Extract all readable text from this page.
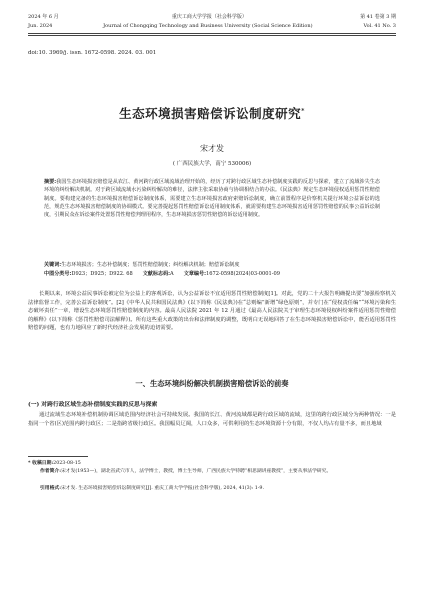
2024 年 6 月	重庆工商大学学报（社会科学版）	第 41 卷第 3 期
Jun. 2024	Journal of Chongqing Technology and Business University (Social Science Edition)	Vol. 41 No. 3
doi:10. 3969/j. issn. 1672-0598. 2024. 03. 001
生态环境损害赔偿诉讼制度研究*
宋才发
( 广西民族大学，南宁 530006)
摘要:我国生态环境损害赔偿是从农江、黄河跨行政区域流域治理开始的，经历了对跨行政区域生态补偿制度实践的反思与探索，建立了流域涉失生态环境的纠纷解决机制。对于跨区域流域水污染纠纷解决的难径，法律主张采取协商与协调相结合的办法。《民法典》规定生态环境侵权适用惩罚性赔偿制度。要构建完备的生态环境损害赔偿诉讼制度体系，需要建立生态环境损害政府索赔诉讼制度，确立前置程序是价察机关提行环境公益诉讼的选范，规范生态环境损害赔偿制度的协调模式。要完善提起惩罚性赔偿诉讼适用制度体系，就需要构建生态环境损害适用惩罚性赔偿的民事公益诉讼制度，引期民众在诉讼案件处置惩罚性赔偿判理用程序，生态环境损害惩罚性赔偿的诉讼适用制度。
关键词:生态环境损害；生态补偿制度；惩罚性赔偿制度；纠纷解决机制；赔偿诉讼制度
中图分类号:D923；D925；D922. 68 文献标志码:A 文章编号:1672-0598(2024)03-0001-09
长期以来，环境公益民事诉讼被定位为公益上的客观诉讼，认为公益诉讼不宜适用惩罚性赔偿制度[1]。对此，党的二十大报告明确提出要“加强检察机关法律监督工作，完善公益诉讼制度”。[2]《中华人民共和国民法典》(以下简称《民法典》)在“总则编”新增“绿色原则”，并专门在“侵权责任编”“环境污染和生态破坏责任”一章，增设生态环境惩罚性赔偿制度的内容。最高人民法院 2021 年 12 月通过《最高人民法院关于审理生态环境侵权纠纷案件适用惩罚性赔偿的解释》(以下简称《惩罚性赔偿司法解释》)。所有这些重大政策的出台和法律制度的调整，既明白无误地回答了在生态环境损害赔偿诉讼中，能否适用惩罚性赔偿的问题，也有力地回应了新时代经济社会发展的迫切需要。
一、生态环境纠纷解决机制损害赔偿诉讼的前奏
(一) 对跨行政区域生态补偿制度实践的反思与探索
通过流域生态环境补偿机制协调区域范围内经济社会可持续发展。我国的长江、黄河流域都是跨行政区域的流域，这里的跨行政区域分为两种情况：一是指同一个省(区)范围内跨行政区；二是指跨省级行政区。我国幅员辽阔，人口众多，可供利用的生态环境资源十分有限，不仅人均占有量不多，而且地域
* 收稿日期:2023-08-15
作者简介:宋才发(1953—)，湖北省武穴市人，法学博士，教授，博士生导师，广西民族大学特聘“相思湖讲座教授”，主要从事法学研究。
引用格式:宋才发. 生态环境损害赔偿诉讼制度研究[J]. 重庆工商大学学报(社会科学版), 2024, 41(3): 1-9.
